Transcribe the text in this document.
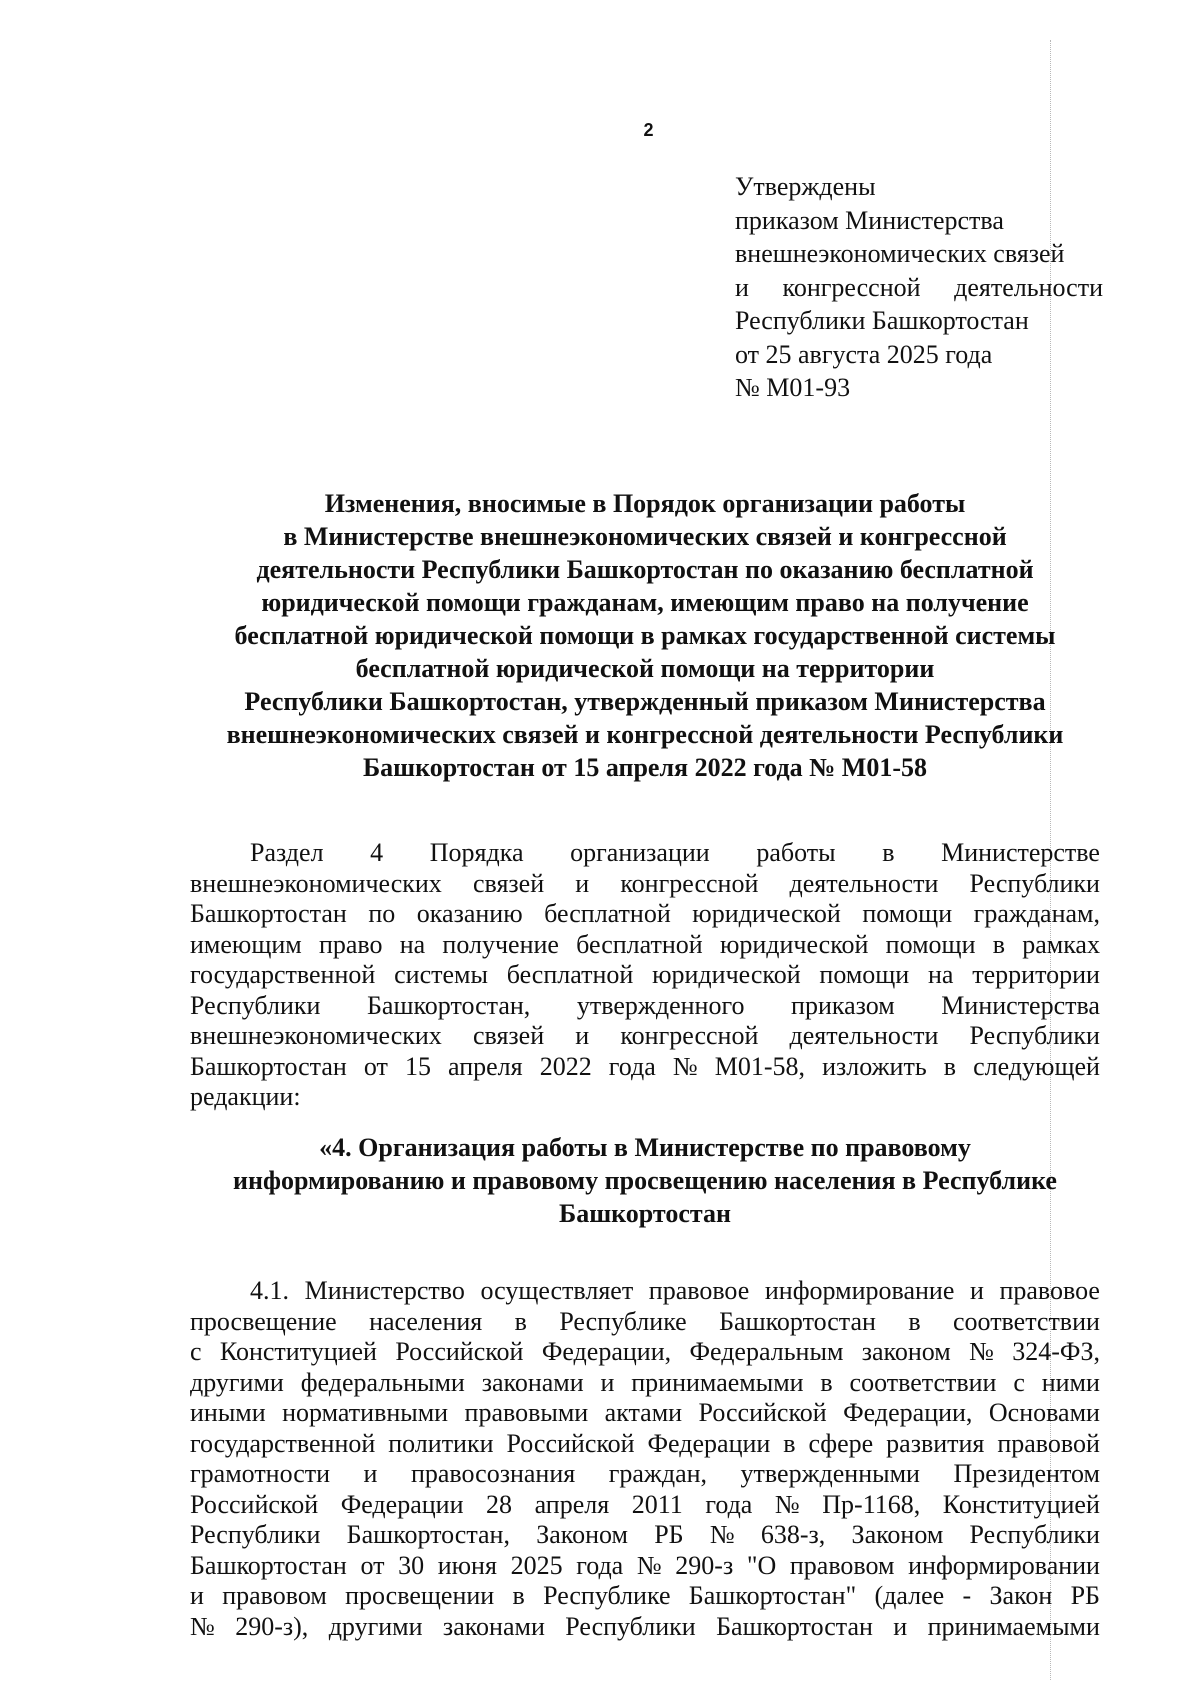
2
Утверждены
приказом Министерства
внешнеэкономических связей
и конгрессной деятельности
Республики Башкортостан
от 25 августа 2025 года
№ М01-93
Изменения, вносимые в Порядок организации работы
в Министерстве внешнеэкономических связей и конгрессной
деятельности Республики Башкортостан по оказанию бесплатной
юридической помощи гражданам, имеющим право на получение
бесплатной юридической помощи в рамках государственной системы
бесплатной юридической помощи на территории
Республики Башкортостан, утвержденный приказом Министерства
внешнеэкономических связей и конгрессной деятельности Республики
Башкортостан от 15 апреля 2022 года № М01-58
Раздел 4 Порядка организации работы в Министерстве
внешнеэкономических связей и конгрессной деятельности Республики
Башкортостан по оказанию бесплатной юридической помощи гражданам,
имеющим право на получение бесплатной юридической помощи в рамках
государственной системы бесплатной юридической помощи на территории
Республики Башкортостан, утвержденного приказом Министерства
внешнеэкономических связей и конгрессной деятельности Республики
Башкортостан от 15 апреля 2022 года № М01-58, изложить в следующей
редакции:
«4. Организация работы в Министерстве по правовому
информированию и правовому просвещению населения в Республике
Башкортостан
4.1. Министерство осуществляет правовое информирование и правовое
просвещение населения в Республике Башкортостан в соответствии
с Конституцией Российской Федерации, Федеральным законом № 324-ФЗ,
другими федеральными законами и принимаемыми в соответствии с ними
иными нормативными правовыми актами Российской Федерации, Основами
государственной политики Российской Федерации в сфере развития правовой
грамотности и правосознания граждан, утвержденными Президентом
Российской Федерации 28 апреля 2011 года № Пр-1168, Конституцией
Республики Башкортостан, Законом РБ № 638-з, Законом Республики
Башкортостан от 30 июня 2025 года № 290-з "О правовом информировании
и правовом просвещении в Республике Башкортостан" (далее - Закон РБ
№ 290-з), другими законами Республики Башкортостан и принимаемыми
